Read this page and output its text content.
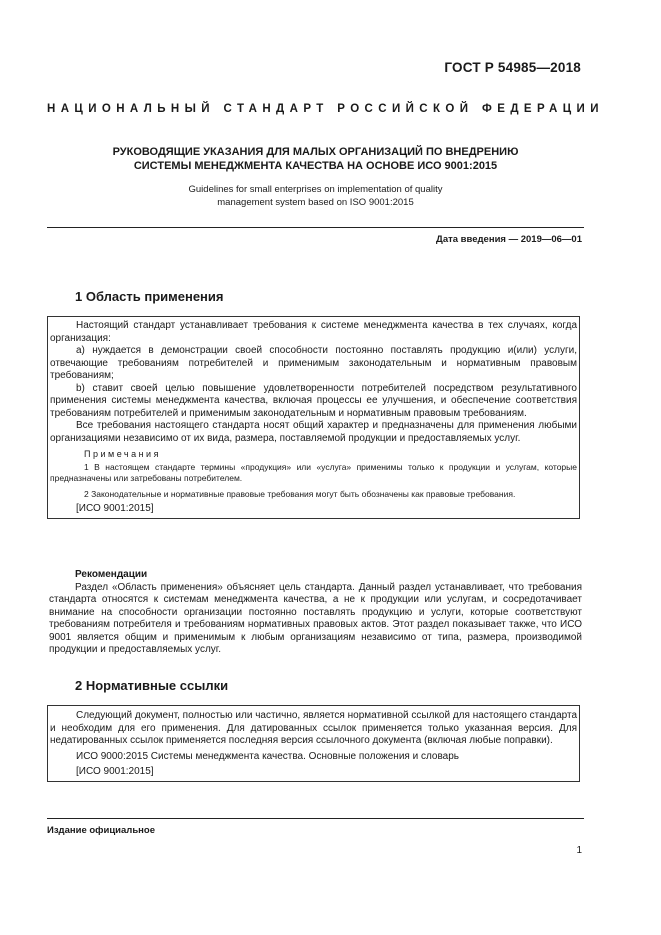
ГОСТ Р 54985—2018
НАЦИОНАЛЬНЫЙ СТАНДАРТ РОССИЙСКОЙ ФЕДЕРАЦИИ
РУКОВОДЯЩИЕ УКАЗАНИЯ ДЛЯ МАЛЫХ ОРГАНИЗАЦИЙ ПО ВНЕДРЕНИЮ
СИСТЕМЫ МЕНЕДЖМЕНТА КАЧЕСТВА НА ОСНОВЕ ИСО 9001:2015
Guidelines for small enterprises on implementation of quality
management system based on ISO 9001:2015
Дата введения — 2019—06—01
1 Область применения

Настоящий стандарт устанавливает требования к системе менеджмента качества в тех случаях, когда организация:

а) нуждается в демонстрации своей способности постоянно поставлять продукцию и(или) услуги, отвечающие требованиям потребителей и применимым законодательным и нормативным правовым требованиям;

b) ставит своей целью повышение удовлетворенности потребителей посредством результативного применения системы менеджмента качества, включая процессы ее улучшения, и обеспечение соответствия требованиям потребителей и применимым законодательным и нормативным правовым требованиям.

Все требования настоящего стандарта носят общий характер и предназначены для применения любыми организациями независимо от их вида, размера, поставляемой продукции и предоставляемых услуг.

Примечания

1 В настоящем стандарте термины «продукция» или «услуга» применимы только к продукции и услугам, которые предназначены или затребованы потребителем.

2 Законодательные и нормативные правовые требования могут быть обозначены как правовые требования.

[ИСО 9001:2015]

Рекомендации

Раздел «Область применения» объясняет цель стандарта. Данный раздел устанавливает, что требования стандарта относятся к системам менеджмента качества, а не к продукции или услугам, и сосредотачивает внимание на способности организации постоянно поставлять продукцию и услуги, которые соответствуют требованиям потребителя и требованиям нормативных правовых актов. Этот раздел показывает также, что ИСО 9001 является общим и применимым к любым организациям независимо от типа, размера, производимой продукции и предоставляемых услуг.

2 Нормативные ссылки

Следующий документ, полностью или частично, является нормативной ссылкой для настоящего стандарта и необходим для его применения. Для датированных ссылок применяется только указанная версия. Для недатированных ссылок применяется последняя версия ссылочного документа (включая любые поправки).

ИСО 9000:2015 Системы менеджмента качества. Основные положения и словарь

[ИСО 9001:2015]

Издание официальное
1
